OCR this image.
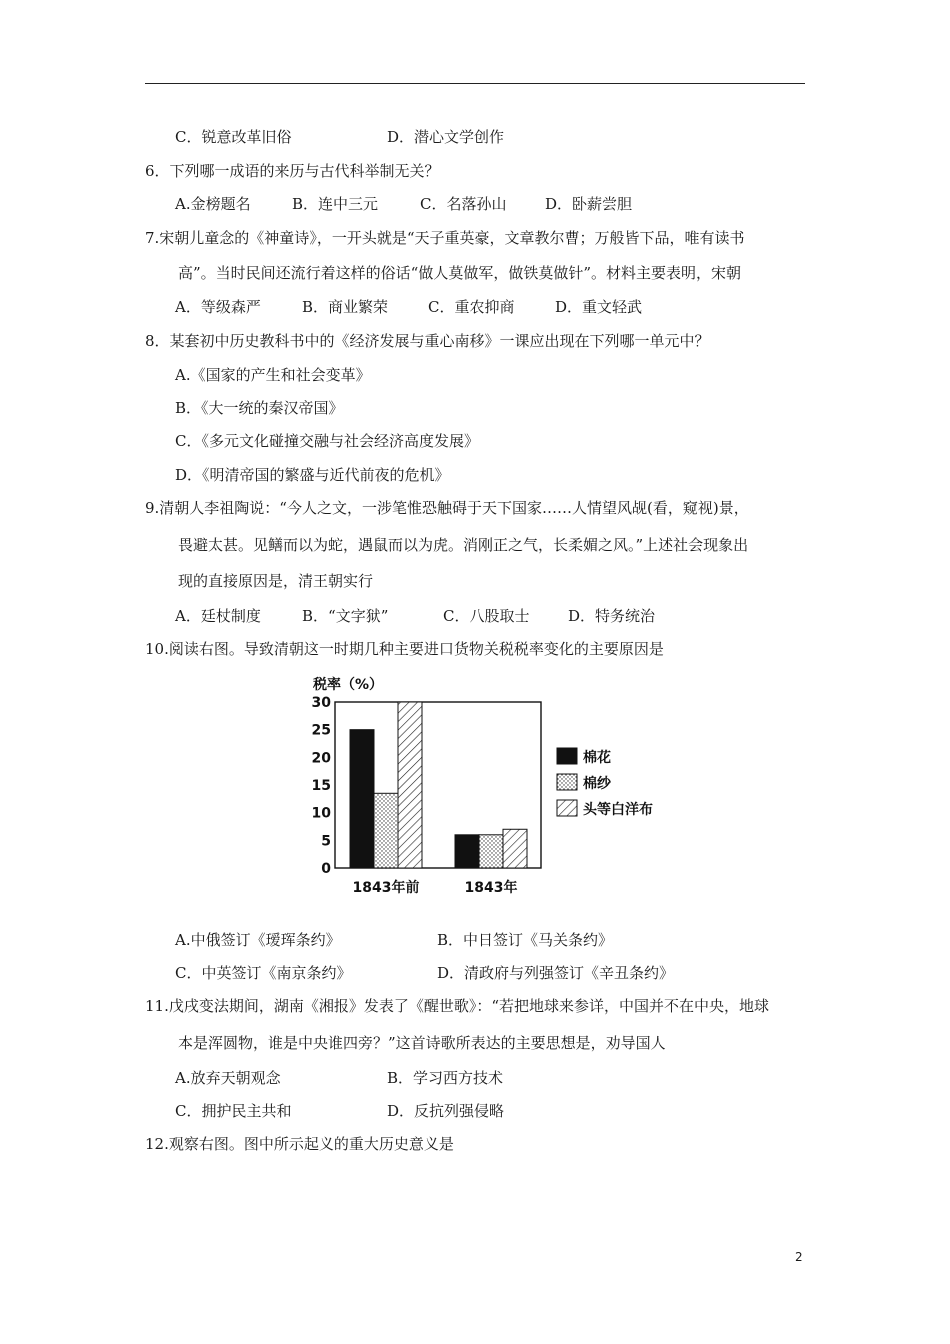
C．锐意改革旧俗	D．潜心文学创作
6．下列哪一成语的来历与古代科举制无关？
A.金榜题名	B．连中三元	C．名落孙山	D．卧薪尝胆
7.宋朝儿童念的《神童诗》，一开头就是“天子重英豪，文章教尔曹；万般皆下品，唯有读书
高”。当时民间还流行着这样的俗话“做人莫做军，做铁莫做针”。材料主要表明，宋朝
A．等级森严	B．商业繁荣	C．重农抑商	D．重文轻武
8．某套初中历史教科书中的《经济发展与重心南移》一课应出现在下列哪一单元中？
A.《国家的产生和社会变革》
B．《大一统的秦汉帝国》
C．《多元文化碰撞交融与社会经济高度发展》
D．《明清帝国的繁盛与近代前夜的危机》
9.清朝人李祖陶说：“今人之文，一涉笔惟恐触碍于天下国家……人情望风觇(看，窥视)景，
畏避太甚。见鳝而以为蛇，遇鼠而以为虎。消刚正之气，长柔媚之风。”上述社会现象出
现的直接原因是，清王朝实行
A．廷杖制度	B．“文字狱”	C．八股取士	D．特务统治
10.阅读右图。导致清朝这一时期几种主要进口货物关税税率变化的主要原因是
税率（%）
0
5
10
15
20
25
30
1843年前	1843年
棉花
棉纱
头等白洋布
A.中俄签订《瑷珲条约》	B．中日签订《马关条约》
C．中英签订《南京条约》	D．清政府与列强签订《辛丑条约》
11.戊戌变法期间，湖南《湘报》发表了《醒世歌》：“若把地球来参详，中国并不在中央，地球
本是浑圆物，谁是中央谁四旁？”这首诗歌所表达的主要思想是，劝导国人
A.放弃天朝观念	B．学习西方技术
C．拥护民主共和	D．反抗列强侵略
12.观察右图。图中所示起义的重大历史意义是
2
